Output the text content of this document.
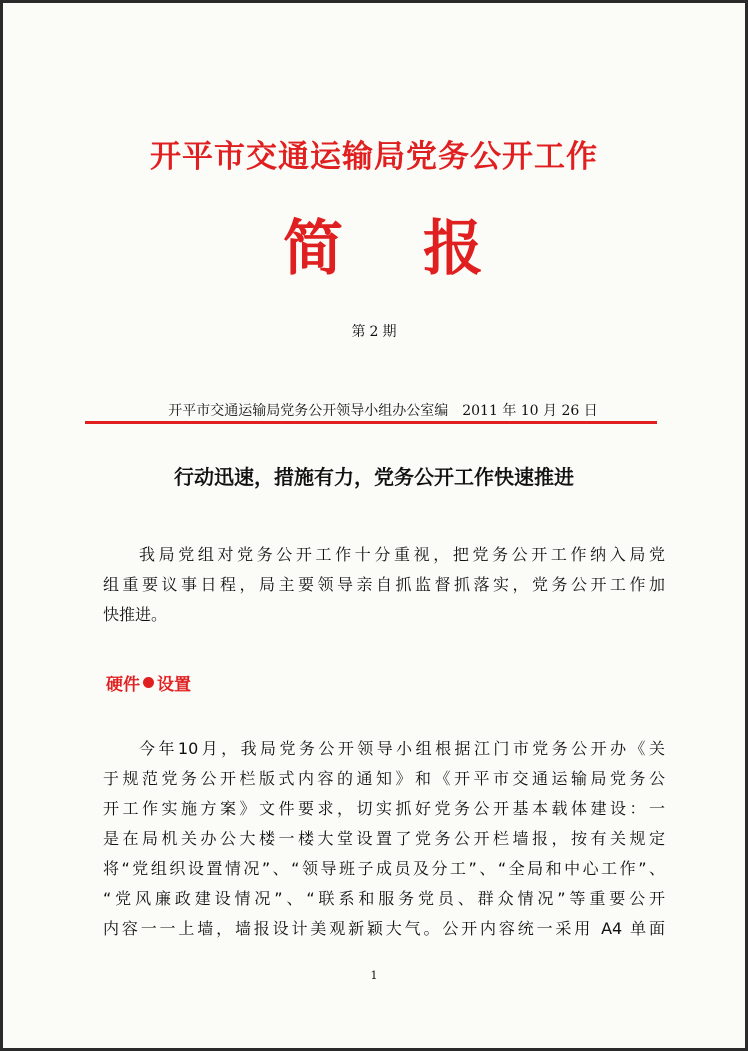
开平市交通运输局党务公开工作
简 报
第 2 期
开平市交通运输局党务公开领导小组办公室编 2011 年 10 月 26 日
行动迅速，措施有力，党务公开工作快速推进

我局党组对党务公开工作十分重视，把党务公开工作纳入局党
组重要议事日程，局主要领导亲自抓监督抓落实，党务公开工作加
快推进。

硬件 设置

今年10月，我局党务公开领导小组根据江门市党务公开办《关
于规范党务公开栏版式内容的通知》和《开平市交通运输局党务公
开工作实施方案》文件要求，切实抓好党务公开基本载体建设：一
是在局机关办公大楼一楼大堂设置了党务公开栏墙报，按有关规定
将“党组织设置情况”、“领导班子成员及分工”、“全局和中心工作”、
“党风廉政建设情况”、“联系和服务党员、群众情况”等重要公开
内容一一上墙，墙报设计美观新颖大气。公开内容统一采用 A4 单面

1
